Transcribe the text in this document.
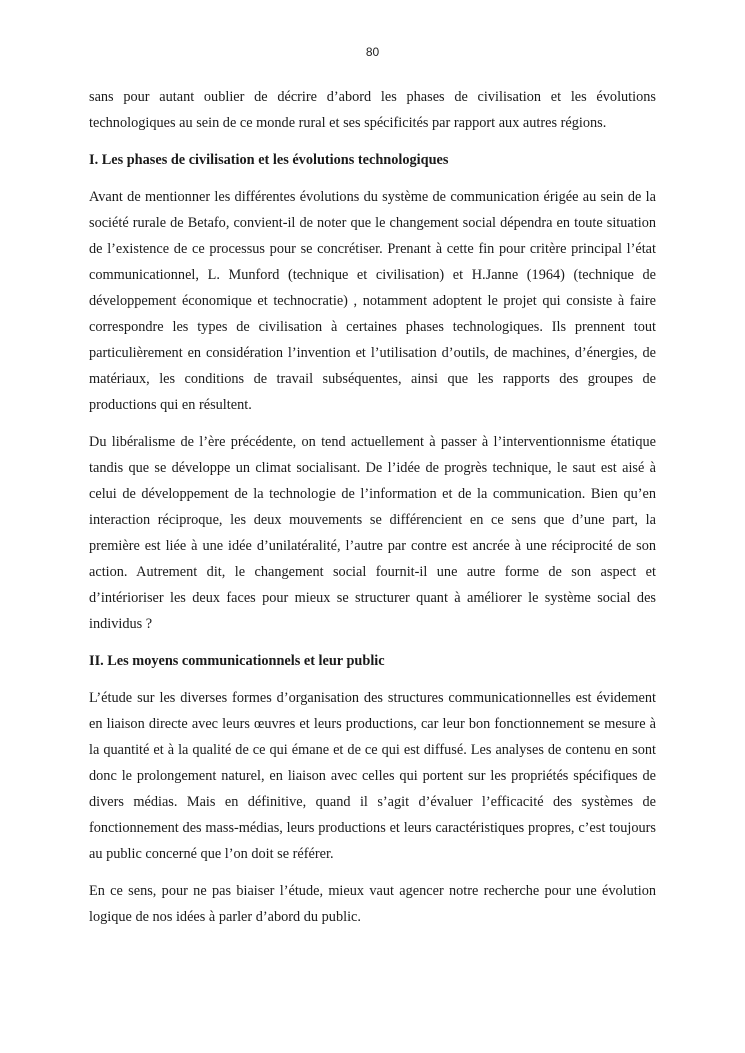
80

sans pour autant oublier de décrire d’abord les phases de civilisation et les évolutions technologiques au sein de ce monde rural et ses spécificités par rapport aux autres régions.

I. Les phases de civilisation et les évolutions technologiques

Avant de mentionner les différentes évolutions du système de communication érigée au sein de la société rurale de Betafo, convient-il de noter que le changement social dépendra en toute situation de l’existence de ce processus pour se concrétiser. Prenant à cette fin pour critère principal l’état communicationnel, L. Munford (technique et civilisation) et H.Janne (1964) (technique de développement économique et technocratie) , notamment adoptent le projet qui consiste à faire correspondre les types de civilisation à certaines phases technologiques. Ils prennent tout particulièrement en considération l’invention et l’utilisation d’outils, de machines, d’énergies, de matériaux, les conditions de travail subséquentes, ainsi que les rapports des groupes de productions qui en résultent.

Du libéralisme de l’ère précédente, on tend actuellement à passer à l’interventionnisme étatique tandis que se développe un climat socialisant. De l’idée de progrès technique, le saut est aisé à celui de développement de la technologie de l’information et de la communication. Bien qu’en interaction réciproque, les deux mouvements se différencient en ce sens que d’une part, la première est liée à une idée d’unilatéralité, l’autre par contre est ancrée à une réciprocité de son action. Autrement dit, le changement social fournit-il une autre forme de son aspect et d’intérioriser les deux faces pour mieux se structurer quant à améliorer le système social des individus ?

II. Les moyens communicationnels et leur public

L’étude sur les diverses formes d’organisation des structures communicationnelles est évidement en liaison directe avec leurs œuvres et leurs productions, car leur bon fonctionnement se mesure à la quantité et à la qualité de ce qui émane et de ce qui est diffusé. Les analyses de contenu en sont donc le prolongement naturel, en liaison avec celles qui portent sur les propriétés spécifiques de divers médias. Mais en définitive, quand il s’agit d’évaluer l’efficacité des systèmes de fonctionnement des mass-médias, leurs productions et leurs caractéristiques propres, c’est toujours au public concerné que l’on doit se référer.

En ce sens, pour ne pas biaiser l’étude, mieux vaut agencer notre recherche pour une évolution logique de nos idées à parler d’abord du public.
